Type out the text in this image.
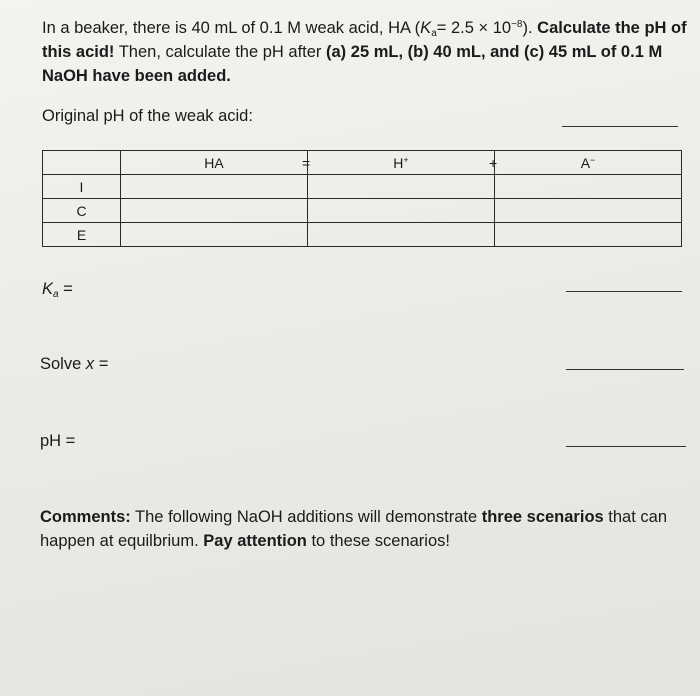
In a beaker, there is 40 mL of 0.1 M weak acid, HA $(K_a= 2.5 \times 10^{-8})$. Calculate the pH of this acid! Then, calculate the pH after (a) 25 mL, (b) 40 mL, and (c) 45 mL of 0.1 M NaOH have been added.
Original pH of the weak acid:
	HA	= H+	+ A−
I			
C			
E			
Ka =
Solve x =
pH =
Comments: The following NaOH additions will demonstrate three scenarios that can happen at equilbrium. Pay attention to these scenarios!
